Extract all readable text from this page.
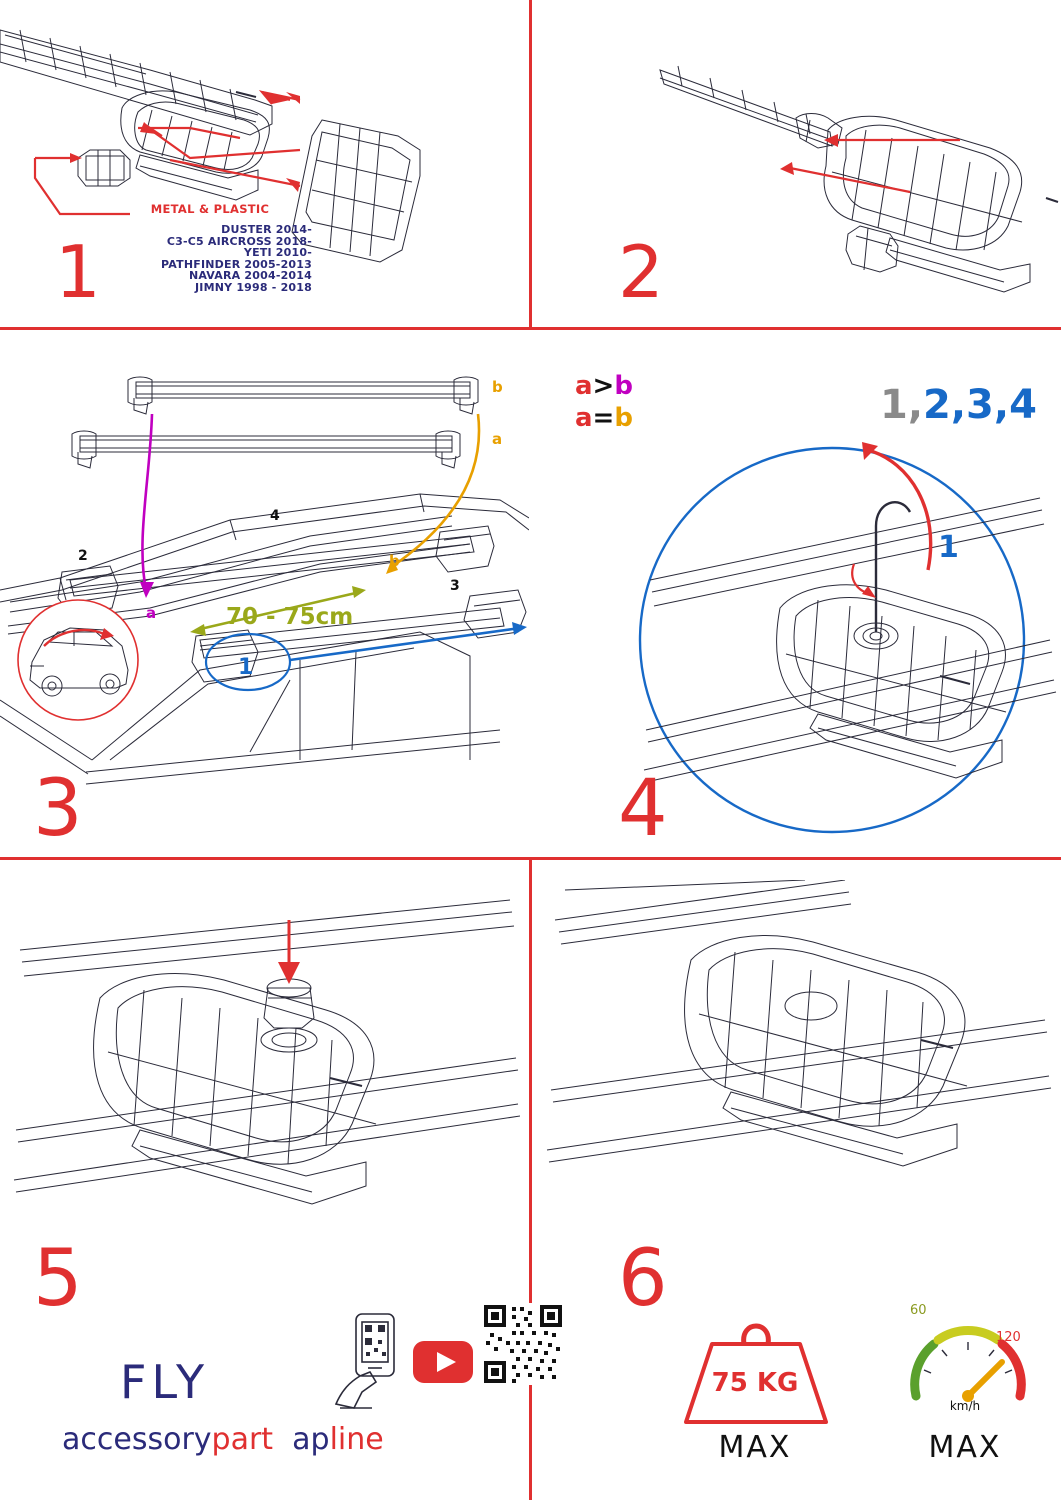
METAL & PLASTIC
DUSTER 2014-
C3-C5 AIRCROSS 2018-
YETI 2010-
PATHFINDER 2005-2013
NAVARA 2004-2014
JIMNY 1998 - 2018
1	2
a>b
a=b
b
a
b
a
2
3
4
1
70 - 75cm
3
1,2,3,4
1
4
5	6
FLY
accessorypart apline
75 KG
MAX
60
120
km/h
MAX
